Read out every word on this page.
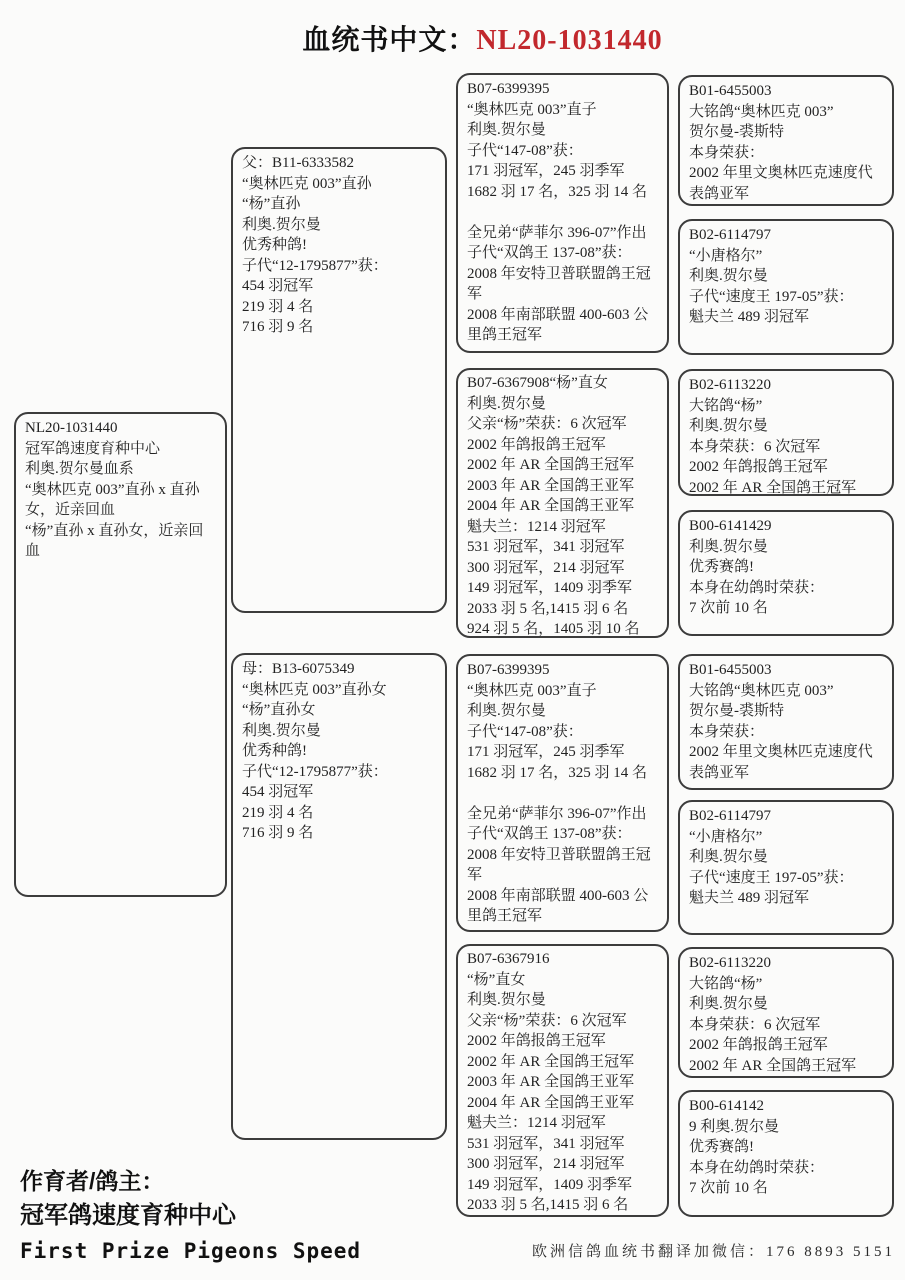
血统书中文：NL20-1031440
NL20-1031440
冠军鸽速度育种中心
利奥.贺尔曼血系
“奥林匹克 003”直孙 x 直孙女，近亲回血
“杨”直孙 x 直孙女，近亲回血
父：B11-6333582
“奥林匹克 003”直孙
“杨”直孙
利奥.贺尔曼
优秀种鸽!
子代“12-1795877”获：
454 羽冠军
219 羽 4 名
716 羽 9 名
母：B13-6075349
“奥林匹克 003”直孙女
“杨”直孙女
利奥.贺尔曼
优秀种鸽!
子代“12-1795877”获：
454 羽冠军
219 羽 4 名
716 羽 9 名
B07-6399395
“奥林匹克 003”直子
利奥.贺尔曼
子代“147-08”获：
171 羽冠军，245 羽季军
1682 羽 17 名，325 羽 14 名

全兄弟“萨菲尔 396-07”作出
子代“双鸽王 137-08”获：
2008 年安特卫普联盟鸽王冠军
2008 年南部联盟 400-603 公里鸽王冠军
B07-6367908“杨”直女
利奥.贺尔曼
父亲“杨”荣获：6 次冠军
2002 年鸽报鸽王冠军
2002 年 AR 全国鸽王冠军
2003 年 AR 全国鸽王亚军
2004 年 AR 全国鸽王亚军
魁夫兰：1214 羽冠军
531 羽冠军，341 羽冠军
300 羽冠军，214 羽冠军
149 羽冠军，1409 羽季军
2033 羽 5 名,1415 羽 6 名
924 羽 5 名，1405 羽 10 名
B07-6399395
“奥林匹克 003”直子
利奥.贺尔曼
子代“147-08”获：
171 羽冠军，245 羽季军
1682 羽 17 名，325 羽 14 名

全兄弟“萨菲尔 396-07”作出
子代“双鸽王 137-08”获：
2008 年安特卫普联盟鸽王冠军
2008 年南部联盟 400-603 公里鸽王冠军
B07-6367916
“杨”直女
利奥.贺尔曼
父亲“杨”荣获：6 次冠军
2002 年鸽报鸽王冠军
2002 年 AR 全国鸽王冠军
2003 年 AR 全国鸽王亚军
2004 年 AR 全国鸽王亚军
魁夫兰：1214 羽冠军
531 羽冠军，341 羽冠军
300 羽冠军，214 羽冠军
149 羽冠军，1409 羽季军
2033 羽 5 名,1415 羽 6 名
B01-6455003
大铭鸽“奥林匹克 003”
贺尔曼-裘斯特
本身荣获：
2002 年里文奥林匹克速度代表鸽亚军
B02-6114797
“小唐格尔”
利奥.贺尔曼
子代“速度王 197-05”获：
魁夫兰 489 羽冠军
B02-6113220
大铭鸽“杨”
利奥.贺尔曼
本身荣获：6 次冠军
2002 年鸽报鸽王冠军
2002 年 AR 全国鸽王冠军
B00-6141429
利奥.贺尔曼
优秀赛鸽!
本身在幼鸽时荣获：
7 次前 10 名
B01-6455003
大铭鸽“奥林匹克 003”
贺尔曼-裘斯特
本身荣获：
2002 年里文奥林匹克速度代表鸽亚军
B02-6114797
“小唐格尔”
利奥.贺尔曼
子代“速度王 197-05”获：
魁夫兰 489 羽冠军
B02-6113220
大铭鸽“杨”
利奥.贺尔曼
本身荣获：6 次冠军
2002 年鸽报鸽王冠军
2002 年 AR 全国鸽王冠军
B00-614142
9 利奥.贺尔曼
优秀赛鸽!
本身在幼鸽时荣获：
7 次前 10 名
作育者/鸽主：
冠军鸽速度育种中心
First Prize Pigeons Speed	欧洲信鸽血统书翻译加微信：176 8893 5151
